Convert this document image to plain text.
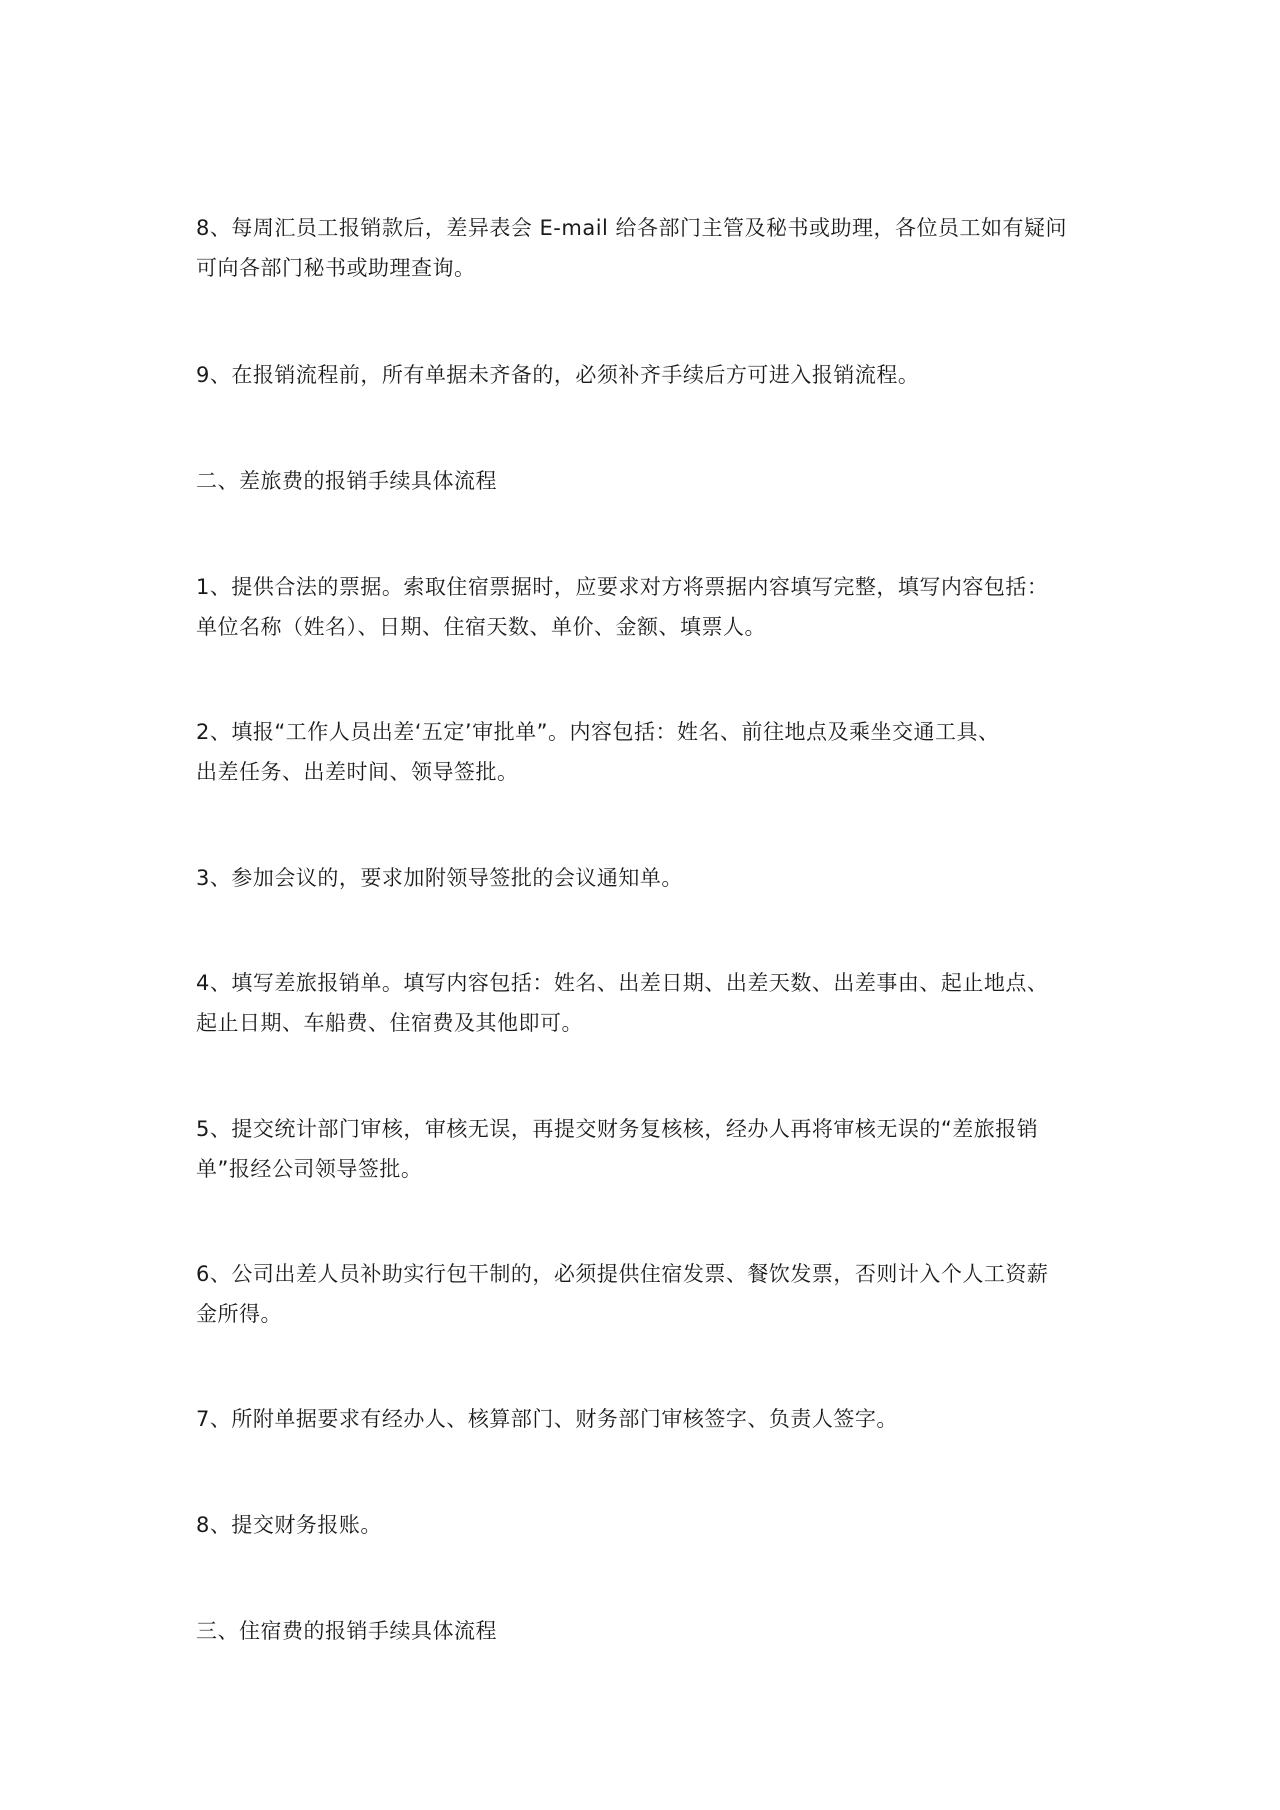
8、每周汇员工报销款后，差异表会 E-mail 给各部门主管及秘书或助理，各位员工如有疑问

可向各部门秘书或助理查询。

9、在报销流程前，所有单据未齐备的，必须补齐手续后方可进入报销流程。

二、差旅费的报销手续具体流程

1、提供合法的票据。索取住宿票据时，应要求对方将票据内容填写完整，填写内容包括：

单位名称（姓名）、日期、住宿天数、单价、金额、填票人。

2、填报“工作人员出差‘五定’审批单”。内容包括：姓名、前往地点及乘坐交通工具、

出差任务、出差时间、领导签批。

3、参加会议的，要求加附领导签批的会议通知单。

4、填写差旅报销单。填写内容包括：姓名、出差日期、出差天数、出差事由、起止地点、

起止日期、车船费、住宿费及其他即可。

5、提交统计部门审核，审核无误，再提交财务复核核，经办人再将审核无误的“差旅报销

单”报经公司领导签批。

6、公司出差人员补助实行包干制的，必须提供住宿发票、餐饮发票，否则计入个人工资薪

金所得。

7、所附单据要求有经办人、核算部门、财务部门审核签字、负责人签字。

8、提交财务报账。

三、住宿费的报销手续具体流程
